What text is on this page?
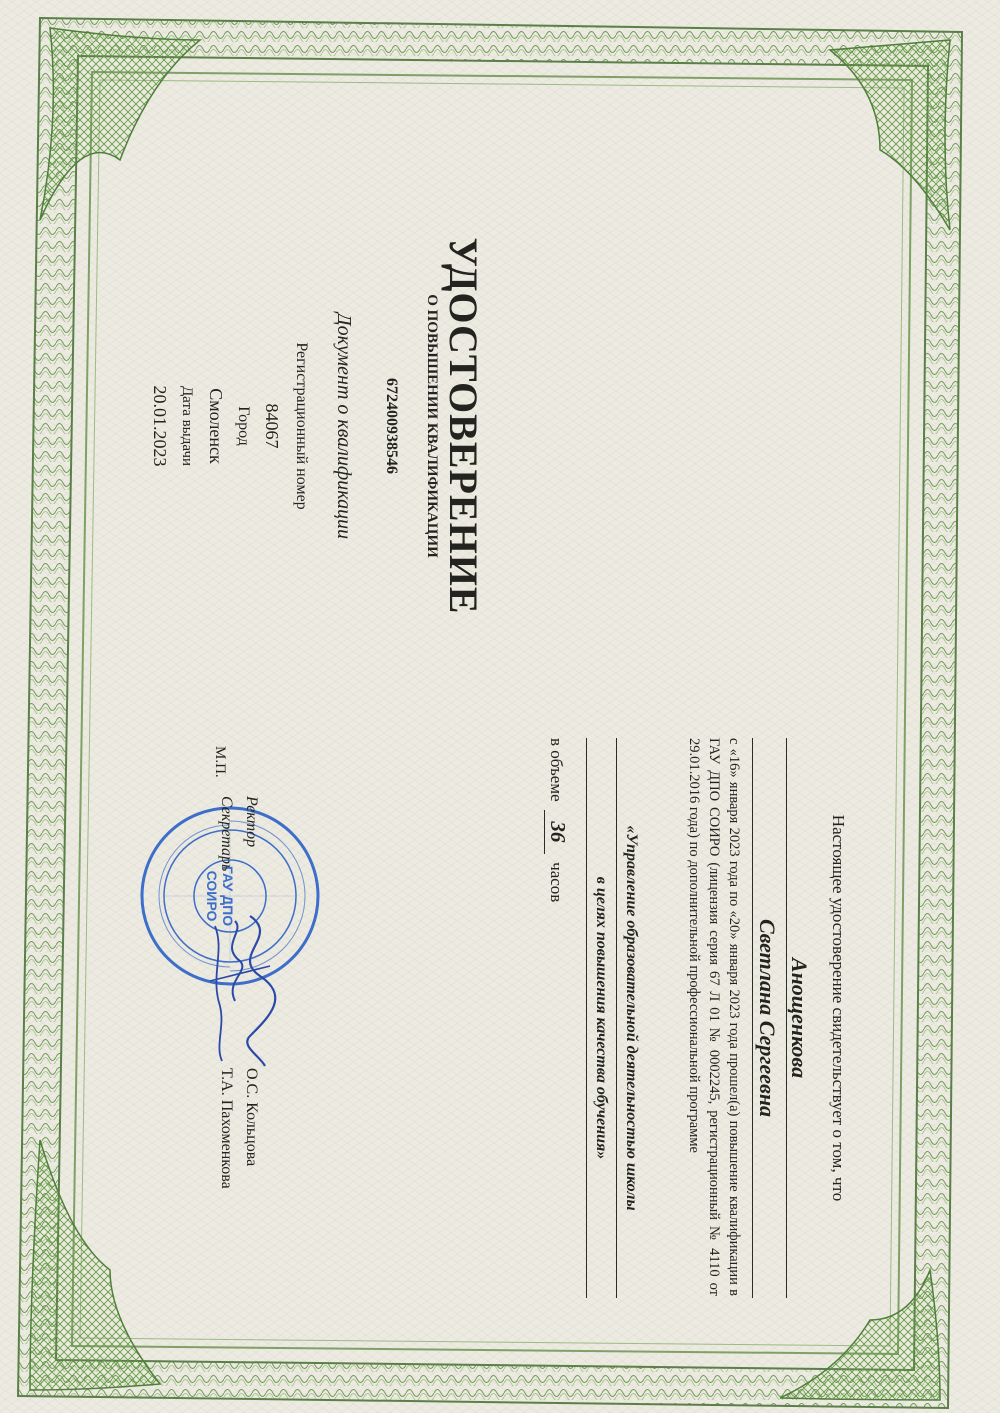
УДОСТОВЕРЕНИЕ
О ПОВЫШЕНИИ КВАЛИФИКАЦИИ
672400938546
Документ о квалификации
Регистрационный номер
84067
Город
Смоленск
Дата выдачи
20.01.2023
Настоящее удостоверение свидетельствует о том, что
Анощенкова
Светлана Сергеевна
с «16» января 2023 года по «20» января 2023 года прошел(а) повышение квалификации в ГАУ ДПО СОИРО (лицензия серия 67 Л 01 № 0002245, регистрационный № 4110 от 29.01.2016 года) по дополнительной профессиональной программе
«Управление образовательной деятельностью школы
в целях повышения качества обучения»
в объеме 36 часов
ГАУ ДПО
СОИРО
Ректор
О.С. Кольцова
Секретарь
Т.А. Пахоменкова
М.П.
